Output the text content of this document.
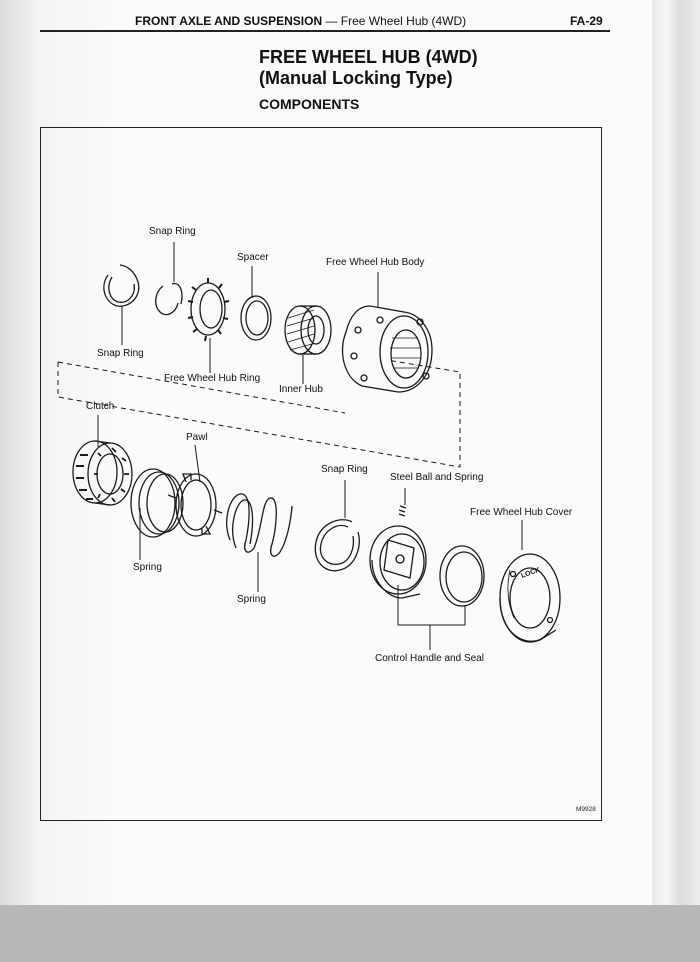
FRONT AXLE AND SUSPENSION — Free Wheel Hub (4WD)	FA-29
FREE WHEEL HUB (4WD)
(Manual Locking Type)
COMPONENTS
LOCK
Snap Ring
Spacer	Free Wheel Hub Body
Snap Ring
Free Wheel Hub Ring
Inner Hub
Clutch
Pawl
Snap Ring
Steel Ball and Spring
Free Wheel Hub Cover
Spring
Spring
Control Handle and Seal
M9928
